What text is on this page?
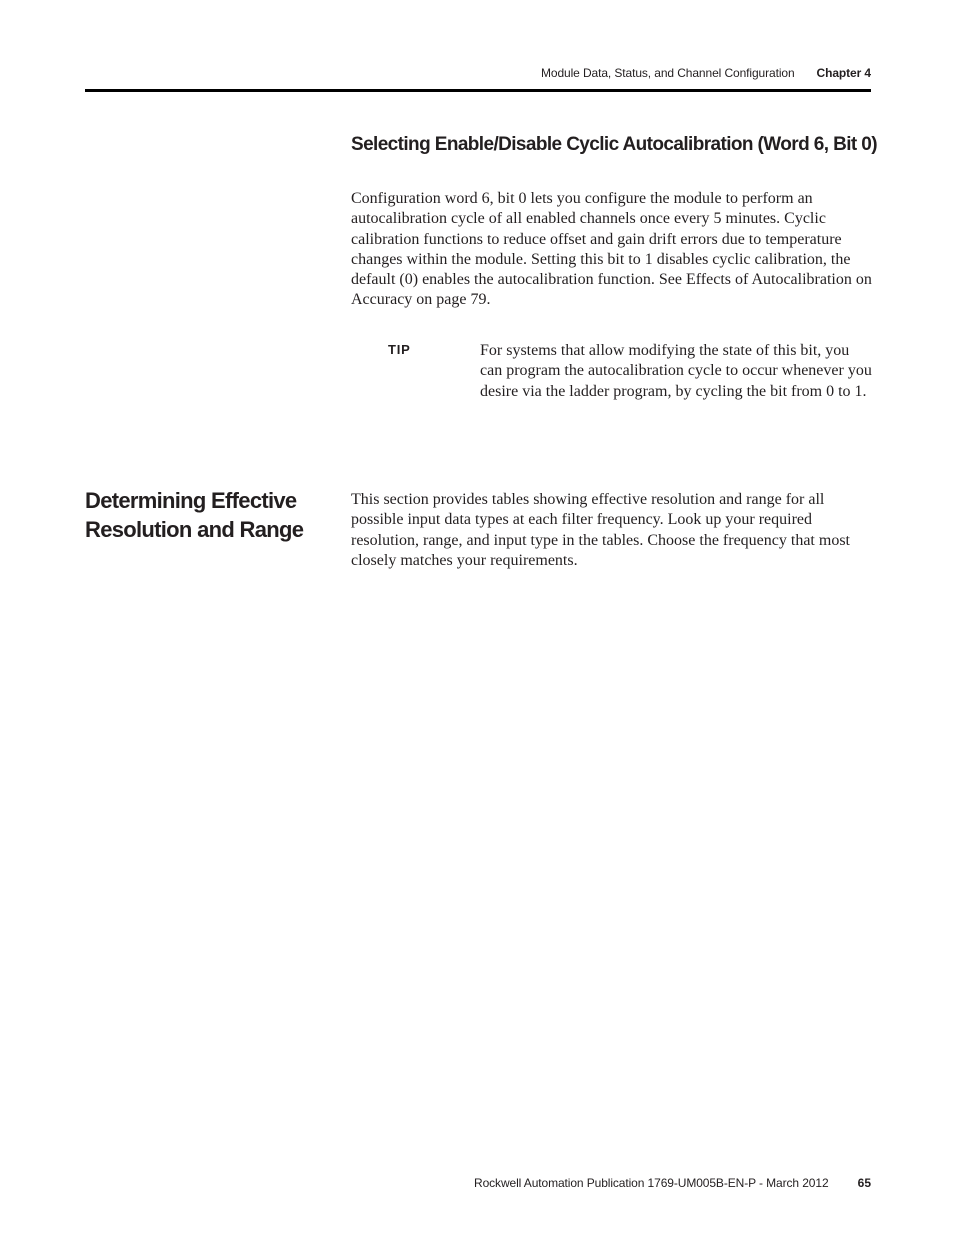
Module Data, Status, and Channel Configuration Chapter 4
Selecting Enable/Disable Cyclic Autocalibration (Word 6, Bit 0)

Configuration word 6, bit 0 lets you configure the module to perform an autocalibration cycle of all enabled channels once every 5 minutes. Cyclic calibration functions to reduce offset and gain drift errors due to temperature changes within the module. Setting this bit to 1 disables cyclic calibration, the default (0) enables the autocalibration function. See Effects of Autocalibration on Accuracy on page 79.

TIP	For systems that allow modifying the state of this bit, you can program the autocalibration cycle to occur whenever you desire via the ladder program, by cycling the bit from 0 to 1.

Determining Effective Resolution and Range

This section provides tables showing effective resolution and range for all possible input data types at each filter frequency. Look up your required resolution, range, and input type in the tables. Choose the frequency that most closely matches your requirements.

Rockwell Automation Publication 1769-UM005B-EN-P - March 2012 65
